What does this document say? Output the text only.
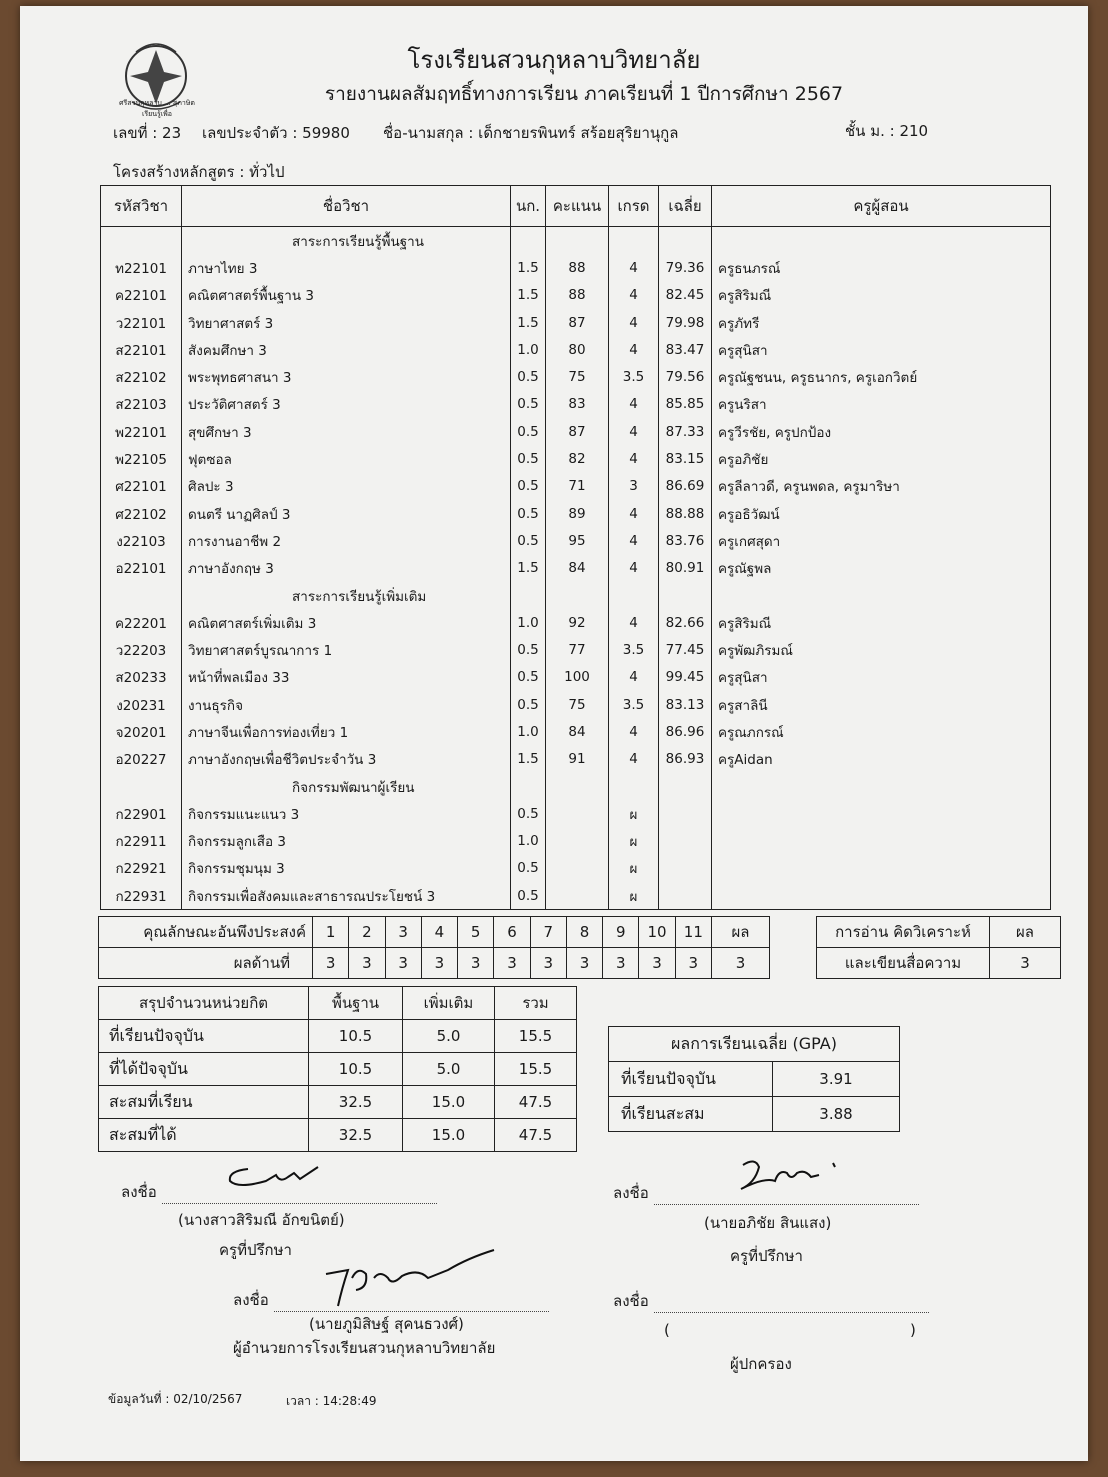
ศรีสวนกุหลาบ ... สุภาษิตเรียนรู้เพื่อ
โรงเรียนสวนกุหลาบวิทยาลัย
รายงานผลสัมฤทธิ์ทางการเรียน ภาคเรียนที่ 1 ปีการศึกษา 2567
เลขที่ : 23 เลขประจำตัว : 59980 ชื่อ-นามสกุล : เด็กชายรพินทร์ สร้อยสุริยานุกูล	ชั้น ม. : 210
โครงสร้างหลักสูตร : ทั่วไป
รหัสวิชา	ชื่อวิชา	นก.	คะแนน	เกรด	เฉลี่ย	ครูผู้สอน
	สาระการเรียนรู้พื้นฐาน					
ท22101	ภาษาไทย 3	1.5	88	4	79.36	ครูธนภรณ์
ค22101	คณิตศาสตร์พื้นฐาน 3	1.5	88	4	82.45	ครูสิริมณี
ว22101	วิทยาศาสตร์ 3	1.5	87	4	79.98	ครูภัทรี
ส22101	สังคมศึกษา 3	1.0	80	4	83.47	ครูสุนิสา
ส22102	พระพุทธศาสนา 3	0.5	75	3.5	79.56	ครูณัฐชนน, ครูธนากร, ครูเอกวิตย์
ส22103	ประวัติศาสตร์ 3	0.5	83	4	85.85	ครูนริสา
พ22101	สุขศึกษา 3	0.5	87	4	87.33	ครูวีรชัย, ครูปกป้อง
พ22105	ฟุตซอล	0.5	82	4	83.15	ครูอภิชัย
ศ22101	ศิลปะ 3	0.5	71	3	86.69	ครูลีลาวดี, ครูนพดล, ครูมาริษา
ศ22102	ดนตรี นาฏศิลป์ 3	0.5	89	4	88.88	ครูอธิวัฒน์
ง22103	การงานอาชีพ 2	0.5	95	4	83.76	ครูเกศสุดา
อ22101	ภาษาอังกฤษ 3	1.5	84	4	80.91	ครูณัฐพล
	สาระการเรียนรู้เพิ่มเติม					
ค22201	คณิตศาสตร์เพิ่มเติม 3	1.0	92	4	82.66	ครูสิริมณี
ว22203	วิทยาศาสตร์บูรณาการ 1	0.5	77	3.5	77.45	ครูพัฒภิรมณ์
ส20233	หน้าที่พลเมือง 33	0.5	100	4	99.45	ครูสุนิสา
ง20231	งานธุรกิจ	0.5	75	3.5	83.13	ครูสาลินี
จ20201	ภาษาจีนเพื่อการท่องเที่ยว 1	1.0	84	4	86.96	ครูณภกรณ์
อ20227	ภาษาอังกฤษเพื่อชีวิตประจำวัน 3	1.5	91	4	86.93	ครูAidan
	กิจกรรมพัฒนาผู้เรียน					
ก22901	กิจกรรมแนะแนว 3	0.5		ผ		
ก22911	กิจกรรมลูกเสือ 3	1.0		ผ		
ก22921	กิจกรรมชุมนุม 3	0.5		ผ		
ก22931	กิจกรรมเพื่อสังคมและสาธารณประโยชน์ 3	0.5		ผ		
คุณลักษณะอันพึงประสงค์	1	2	3	4	5	6	7	8	9	10	11	ผล
ผลด้านที่	3	3	3	3	3	3	3	3	3	3	3	3
การอ่าน คิดวิเคราะห์	ผล
และเขียนสื่อความ	3
สรุปจำนวนหน่วยกิต	พื้นฐาน	เพิ่มเติม	รวม
ที่เรียนปัจจุบัน	10.5	5.0	15.5
ที่ได้ปัจจุบัน	10.5	5.0	15.5
สะสมที่เรียน	32.5	15.0	47.5
สะสมที่ได้	32.5	15.0	47.5
ผลการเรียนเฉลี่ย (GPA)	
ที่เรียนปัจจุบัน	3.91
ที่เรียนสะสม	3.88
ลงชื่อ
(นางสาวสิริมณี อักขนิตย์)
ครูที่ปรึกษา
ลงชื่อ
(นายอภิชัย สินแสง)
ครูที่ปรึกษา
ลงชื่อ
(นายภูมิสิษฐ์ สุคนธวงศ์)
ผู้อำนวยการโรงเรียนสวนกุหลาบวิทยาลัย
ลงชื่อ
(	)
ผู้ปกครอง
ข้อมูลวันที่ : 02/10/2567	เวลา : 14:28:49
